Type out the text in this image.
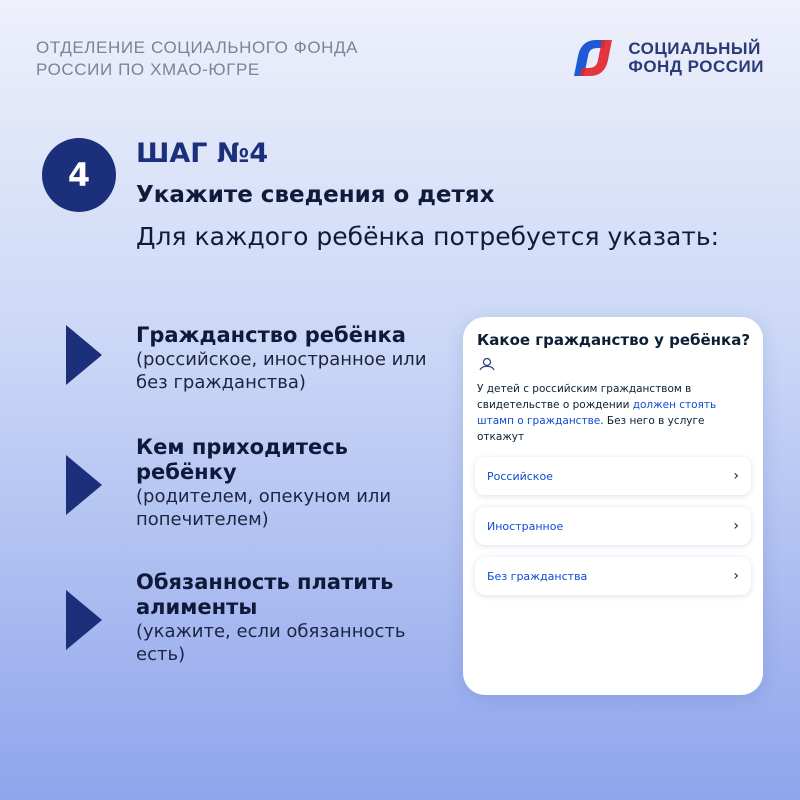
ОТДЕЛЕНИЕ СОЦИАЛЬНОГО ФОНДА
РОССИИ ПО ХМАО-ЮГРЕ
СОЦИАЛЬНЫЙ
ФОНД РОССИИ
4
ШАГ №4
Укажите сведения о детях
Для каждого ребёнка потребуется указать:
Гражданство ребёнка
(российское, иностранное или без гражданства)
Кем приходитесь ребёнку
(родителем, опекуном или попечителем)
Обязанность платить алименты
(укажите, если обязанность есть)
Какое гражданство у ребёнка?
У детей с российским гражданством в свидетельстве о рождении должен стоять штамп о гражданстве. Без него в услуге откажут
Российское	›
Иностранное	›
Без гражданства	›
